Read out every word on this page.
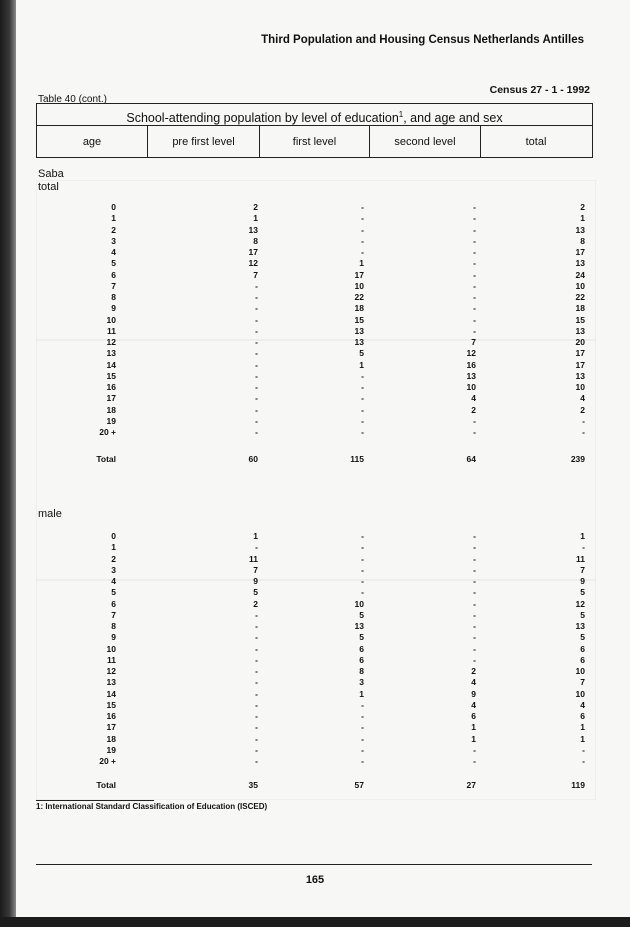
Third Population and Housing Census Netherlands Antilles
Census 27 - 1 - 1992
Table 40 (cont.)
School-attending population by level of education$^1$, and age and sex
age	pre first level	first level	second level	total
Saba
total
0	2	-	-	2
1	1	-	-	1
2	13	-	-	13
3	8	-	-	8
4	17	-	-	17
5	12	1	-	13
6	7	17	-	24
7	-	10	-	10
8	-	22	-	22
9	-	18	-	18
10	-	15	-	15
11	-	13	-	13
12	-	13	7	20
13	-	5	12	17
14	-	1	16	17
15	-	-	13	13
16	-	-	10	10
17	-	-	4	4
18	-	-	2	2
19	-	-	-	-
20 +	-	-	-	-
Total	60	115	64	239
male
0	1	-	-	1
1	-	-	-	-
2	11	-	-	11
3	7	-	-	7
4	9	-	-	9
5	5	-	-	5
6	2	10	-	12
7	-	5	-	5
8	-	13	-	13
9	-	5	-	5
10	-	6	-	6
11	-	6	-	6
12	-	8	2	10
13	-	3	4	7
14	-	1	9	10
15	-	-	4	4
16	-	-	6	6
17	-	-	1	1
18	-	-	1	1
19	-	-	-	-
20 +	-	-	-	-
Total	35	57	27	119
1: International Standard Classification of Education (ISCED)
165
